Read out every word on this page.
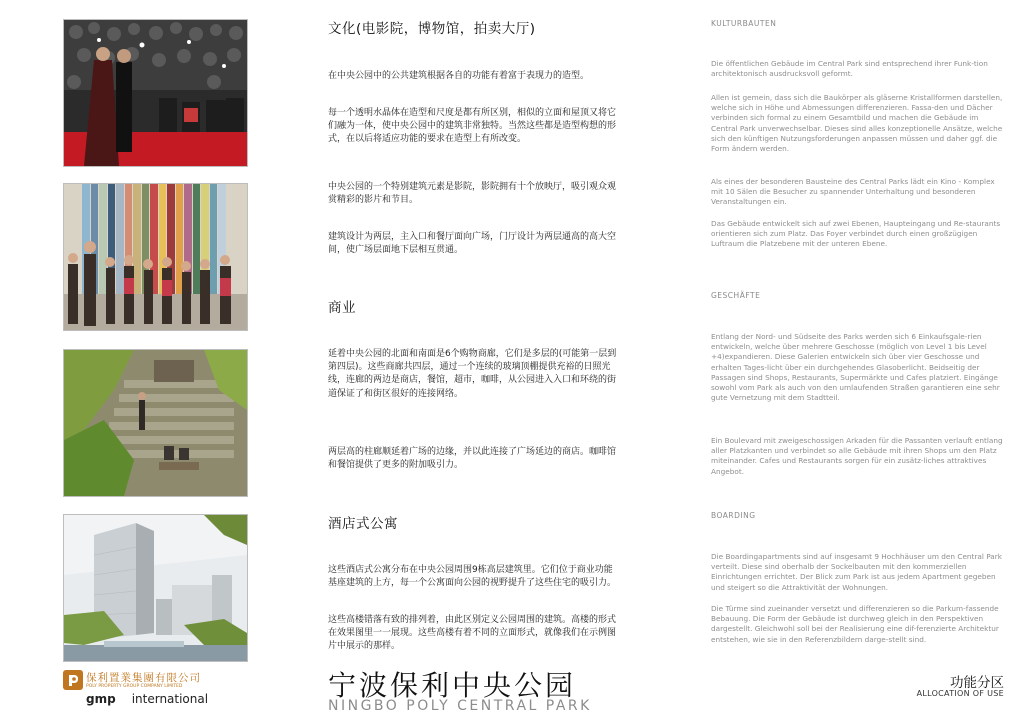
文化(电影院，博物馆，拍卖大厅)

在中央公园中的公共建筑根据各自的功能有着富于表现力的造型。

每一个透明水晶体在造型和尺度是都有所区别，相似的立面和屋顶又将它们融为一体，使中央公园中的建筑非常独特。当然这些都是造型构想的形式，在以后将适应功能的要求在造型上有所改变。

中央公园的一个特别建筑元素是影院，影院拥有十个放映厅，吸引观众观赏精彩的影片和节目。

建筑设计为两层，主入口和餐厅面向广场，门厅设计为两层通高的高大空间，使广场层面地下层相互贯通。

商业

延着中央公园的北面和南面是6个购物商廊，它们是多层的(可能第一层到第四层)。这些商廊共四层，通过一个连续的玻璃顶棚提供充裕的日照光线，连廊的两边是商店，餐馆，超市，咖啡，从公园进入入口和环绕的街道保证了和街区很好的连接网络。

两层高的柱廊顺延着广场的边缘，并以此连接了广场延边的商店。咖啡馆和餐馆提供了更多的附加吸引力。

酒店式公寓

这些酒店式公寓分布在中央公园周围9栋高层建筑里。它们位于商业功能基座建筑的上方，每一个公寓面向公园的视野提升了这些住宅的吸引力。

这些高楼错落有致的排列着，由此区别定义公园周围的建筑。高楼的形式在效果图里一一展现。这些高楼有着不同的立面形式，就像我们在示例图片中展示的那样。

KULTURBAUTEN

Die öffentlichen Gebäude im Central Park sind entsprechend ihrer Funk-tion architektonisch ausdrucksvoll geformt.

Allen ist gemein, dass sich die Baukörper als gläserne Kristallformen darstellen, welche sich in Höhe und Abmessungen differenzieren. Fassa-den und Dächer verbinden sich formal zu einem Gesamtbild und machen die Gebäude im Central Park unverwechselbar. Dieses sind alles konzeptionelle Ansätze, welche sich den künftigen Nutzungsforderungen anpassen müssen und daher ggf. die Form ändern werden.

Als eines der besonderen Bausteine des Central Parks lädt ein Kino - Komplex mit 10 Sälen die Besucher zu spannender Unterhaltung und besonderen Veranstaltungen ein.

Das Gebäude entwickelt sich auf zwei Ebenen, Haupteingang und Re-staurants orientieren sich zum Platz. Das Foyer verbindet durch einen großzügigen Luftraum die Platzebene mit der unteren Ebene.

GESCHÄFTE

Entlang der Nord- und Südseite des Parks werden sich 6 Einkaufsgale-rien entwickeln, welche über mehrere Geschosse (möglich von Level 1 bis Level +4)expandieren. Diese Galerien entwickeln sich über vier Geschosse und erhalten Tages-licht über ein durchgehendes Glasoberlicht. Beidseitig der Passagen sind Shops, Restaurants, Supermärkte und Cafes platziert. Eingänge sowohl vom Park als auch von den umlaufenden Straßen garantieren eine sehr gute Vernetzung mit dem Stadtteil.

Ein Boulevard mit zweigeschossigen Arkaden für die Passanten verlauft entlang aller Platzkanten und verbindet so alle Gebäude mit ihren Shops um den Platz miteinander. Cafes und Restaurants sorgen für ein zusätz-liches attraktives Angebot.

BOARDING

Die Boardingapartments sind auf insgesamt 9 Hochhäuser um den Central Park verteilt. Diese sind oberhalb der Sockelbauten mit den kommerziellen Einrichtungen errichtet. Der Blick zum Park ist aus jedem Apartment gegeben und steigert so die Attraktivität der Wohnungen.

Die Türme sind zueinander versetzt und differenzieren so die Parkum-fassende Bebauung. Die Form der Gebäude ist durchweg gleich in den Perspektiven dargestellt. Gleichwohl soll bei der Realisierung eine dif-ferenzierte Architektur entstehen, wie sie in den Referenzbildern darge-stellt sind.

保利置業集團有限公司
POLY PROPERTY GROUP COMPANY LIMITED
gmp international	宁波保利中央公园
NINGBO POLY CENTRAL PARK
功能分区
ALLOCATION OF USE
